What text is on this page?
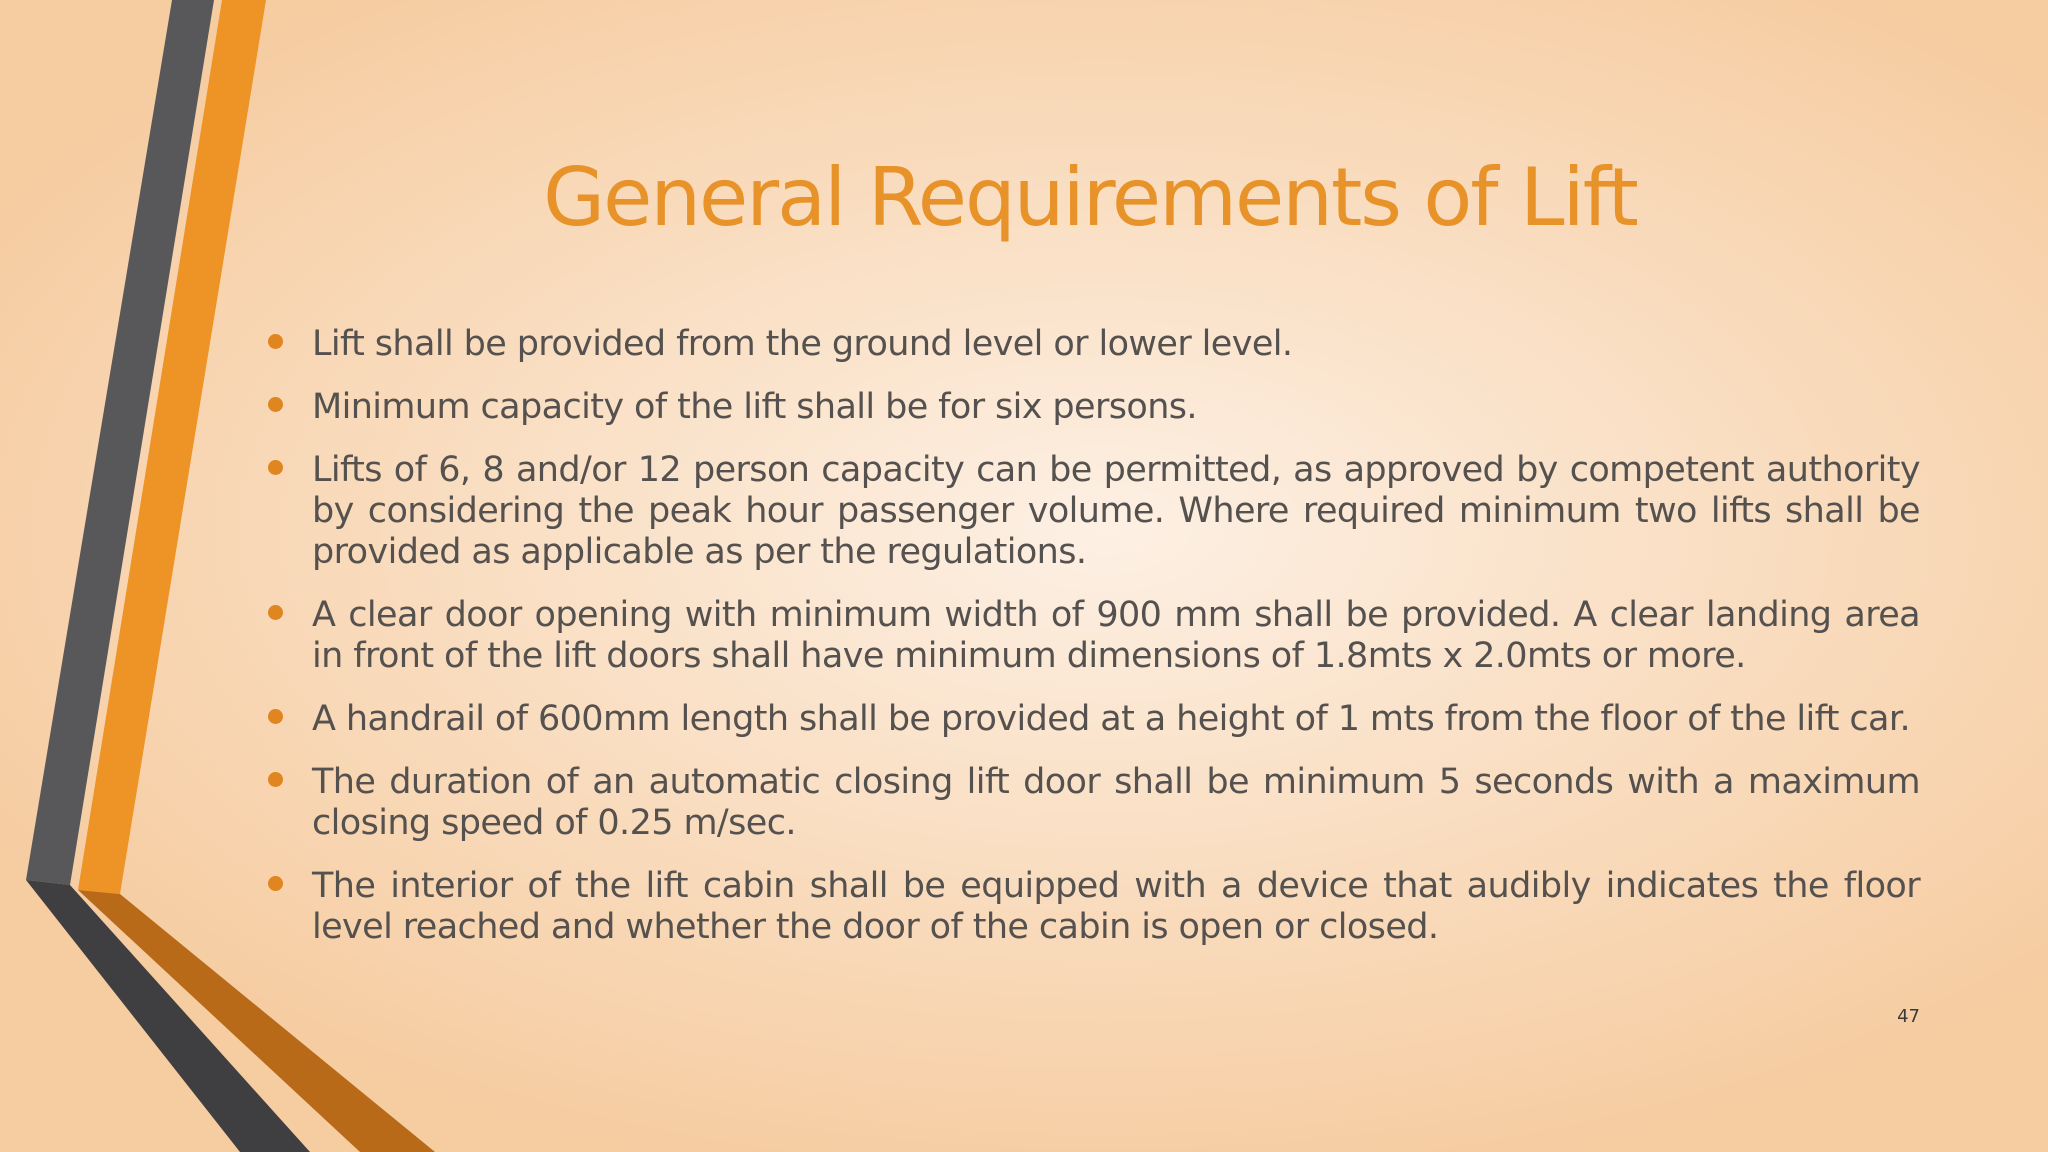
General Requirements of Lift
Lift shall be provided from the ground level or lower level.
Minimum capacity of the lift shall be for six persons.
Lifts of 6, 8 and/or 12 person capacity can be permitted, as approved by competent authority by considering the peak hour passenger volume. Where required minimum two lifts shall be provided as applicable as per the regulations.
A clear door opening with minimum width of 900 mm shall be provided. A clear landing area in front of the lift doors shall have minimum dimensions of 1.8mts x 2.0mts or more.
A handrail of 600mm length shall be provided at a height of 1 mts from the floor of the lift car.
The duration of an automatic closing lift door shall be minimum 5 seconds with a maximum closing speed of 0.25 m/sec.
The interior of the lift cabin shall be equipped with a device that audibly indicates the floor level reached and whether the door of the cabin is open or closed.
47
